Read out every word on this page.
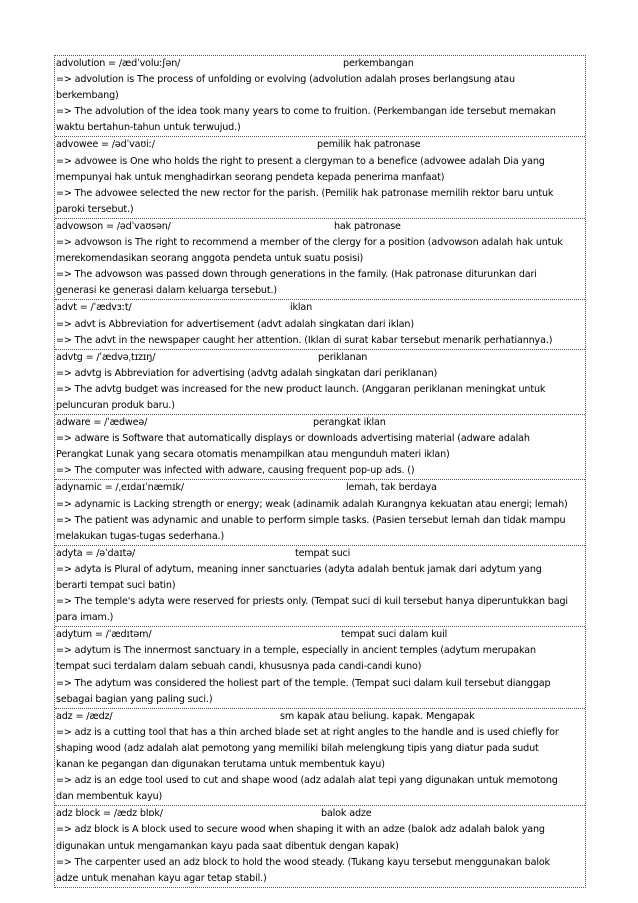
advolution = /ædˈvoluːʃən/	perkembangan
=> advolution is The process of unfolding or evolving (advolution adalah proses berlangsung atau
berkembang)
=> The advolution of the idea took many years to come to fruition. (Perkembangan ide tersebut memakan
waktu bertahun-tahun untuk terwujud.)
advowee = /ədˈvaʊiː/	pemilik hak patronase
=> advowee is One who holds the right to present a clergyman to a benefice (advowee adalah Dia yang
mempunyai hak untuk menghadirkan seorang pendeta kepada penerima manfaat)
=> The advowee selected the new rector for the parish. (Pemilik hak patronase memilih rektor baru untuk
paroki tersebut.)
advowson = /ədˈvaʊsən/	hak patronase
=> advowson is The right to recommend a member of the clergy for a position (advowson adalah hak untuk
merekomendasikan seorang anggota pendeta untuk suatu posisi)
=> The advowson was passed down through generations in the family. (Hak patronase diturunkan dari
generasi ke generasi dalam keluarga tersebut.)
advt = /ˈædvɜːt/	iklan
=> advt is Abbreviation for advertisement (advt adalah singkatan dari iklan)
=> The advt in the newspaper caught her attention. (Iklan di surat kabar tersebut menarik perhatiannya.)
advtg = /ˈædvəˌtɪzɪŋ/	periklanan
=> advtg is Abbreviation for advertising (advtg adalah singkatan dari periklanan)
=> The advtg budget was increased for the new product launch. (Anggaran periklanan meningkat untuk
peluncuran produk baru.)
adware = /ˈædweə/	perangkat iklan
=> adware is Software that automatically displays or downloads advertising material (adware adalah
Perangkat Lunak yang secara otomatis menampilkan atau mengunduh materi iklan)
=> The computer was infected with adware, causing frequent pop-up ads. ()
adynamic = /ˌeɪdaɪˈnæmɪk/	lemah, tak berdaya
=> adynamic is Lacking strength or energy; weak (adinamik adalah Kurangnya kekuatan atau energi; lemah)
=> The patient was adynamic and unable to perform simple tasks. (Pasien tersebut lemah dan tidak mampu
melakukan tugas-tugas sederhana.)
adyta = /əˈdaɪtə/	tempat suci
=> adyta is Plural of adytum, meaning inner sanctuaries (adyta adalah bentuk jamak dari adytum yang
berarti tempat suci batin)
=> The temple's adyta were reserved for priests only. (Tempat suci di kuil tersebut hanya diperuntukkan bagi
para imam.)
adytum = /ˈædɪtəm/	tempat suci dalam kuil
=> adytum is The innermost sanctuary in a temple, especially in ancient temples (adytum merupakan
tempat suci terdalam dalam sebuah candi, khususnya pada candi-candi kuno)
=> The adytum was considered the holiest part of the temple. (Tempat suci dalam kuil tersebut dianggap
sebagai bagian yang paling suci.)
adz = /ædz/	sm kapak atau beliung. kapak. Mengapak
=> adz is a cutting tool that has a thin arched blade set at right angles to the handle and is used chiefly for
shaping wood (adz adalah alat pemotong yang memiliki bilah melengkung tipis yang diatur pada sudut
kanan ke pegangan dan digunakan terutama untuk membentuk kayu)
=> adz is an edge tool used to cut and shape wood (adz adalah alat tepi yang digunakan untuk memotong
dan membentuk kayu)
adz block = /ædz blɒk/	balok adze
=> adz block is A block used to secure wood when shaping it with an adze (balok adz adalah balok yang
digunakan untuk mengamankan kayu pada saat dibentuk dengan kapak)
=> The carpenter used an adz block to hold the wood steady. (Tukang kayu tersebut menggunakan balok
adze untuk menahan kayu agar tetap stabil.)
